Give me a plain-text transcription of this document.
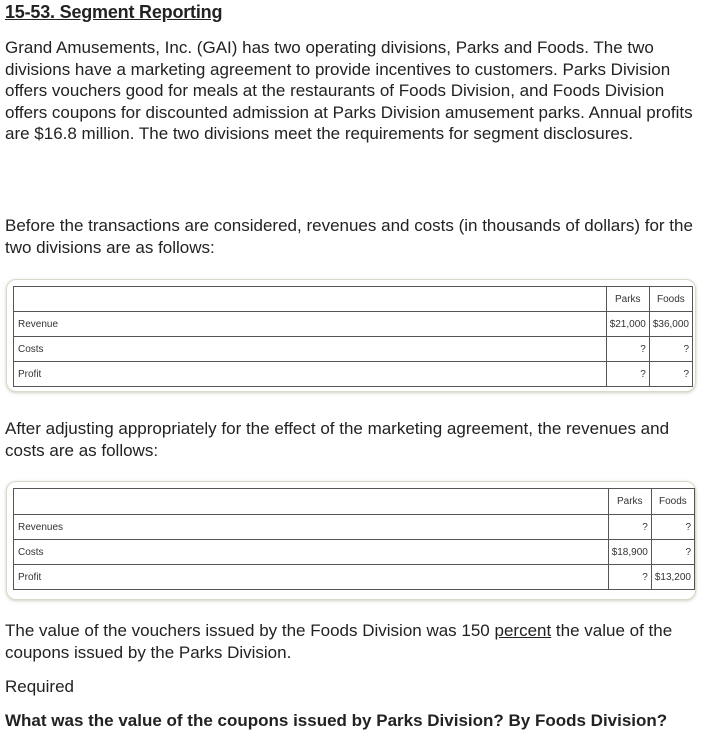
15-53. Segment Reporting

Grand Amusements, Inc. (GAI) has two operating divisions, Parks and Foods. The two divisions have a marketing agreement to provide incentives to customers. Parks Division offers vouchers good for meals at the restaurants of Foods Division, and Foods Division offers coupons for discounted admission at Parks Division amusement parks. Annual profits are $16.8 million. The two divisions meet the requirements for segment disclosures.

Before the transactions are considered, revenues and costs (in thousands of dollars) for the two divisions are as follows:

	Parks	Foods
Revenue	$21,000	$36,000
Costs	?	?
Profit	?	?

After adjusting appropriately for the effect of the marketing agreement, the revenues and costs are as follows:

	Parks	Foods
Revenues	?	?
Costs	$18,900	?
Profit	?	$13,200

The value of the vouchers issued by the Foods Division was 150 percent the value of the coupons issued by the Parks Division.

Required

What was the value of the coupons issued by Parks Division? By Foods Division?
